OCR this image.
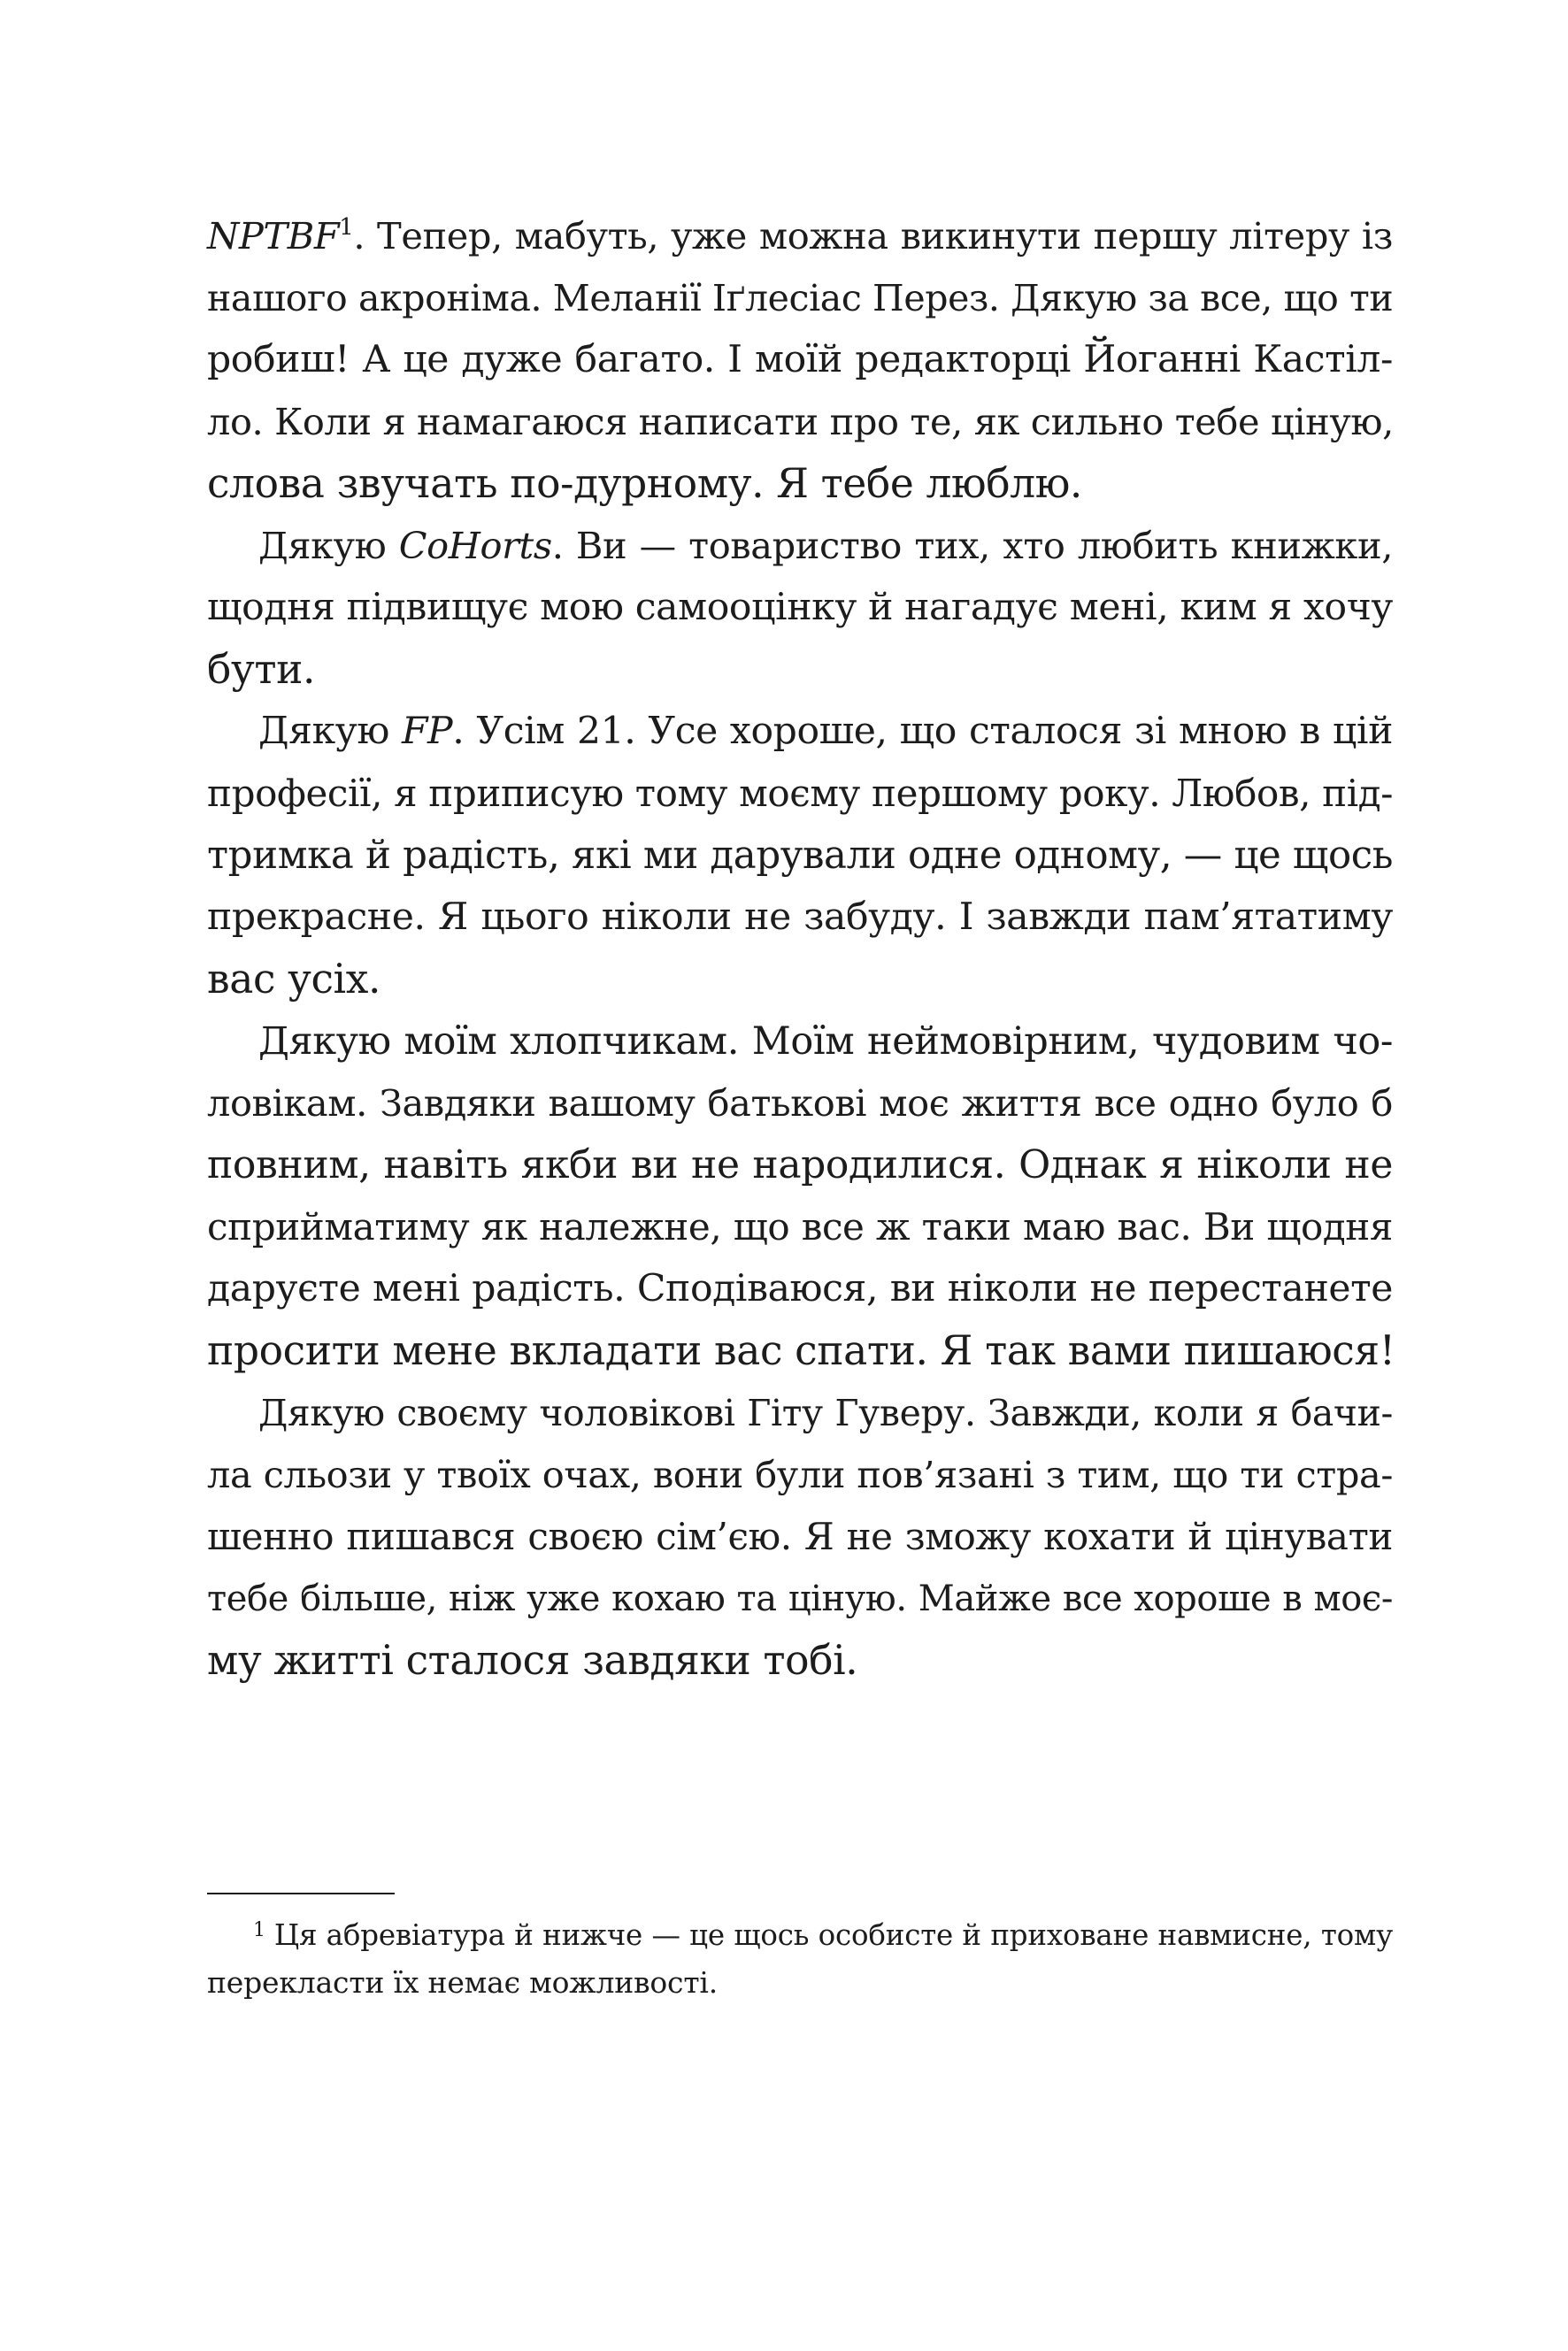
NPTBF$^1$. Тепер, мабуть, уже можна викинути першу літеру із
нашого акроніма. Меланії Іґлесіас Перез. Дякую за все, що ти
робиш! А це дуже багато. І моїй редакторці Йоганні Кастіл-
ло. Коли я намагаюся написати про те, як сильно тебе ціную,
слова звучать по-дурному. Я тебе люблю.
Дякую CoHorts. Ви — товариство тих, хто любить книжки,
щодня підвищує мою самооцінку й нагадує мені, ким я хочу
бути.
Дякую FP. Усім 21. Усе хороше, що сталося зі мною в цій
професії, я приписую тому моєму першому року. Любов, під-
тримка й радість, які ми дарували одне одному, — це щось
прекрасне. Я цього ніколи не забуду. І завжди пам’ятатиму
вас усіх.
Дякую моїм хлопчикам. Моїм неймовірним, чудовим чо-
ловікам. Завдяки вашому батькові моє життя все одно було б
повним, навіть якби ви не народилися. Однак я ніколи не
сприйматиму як належне, що все ж таки маю вас. Ви щодня
даруєте мені радість. Сподіваюся, ви ніколи не перестанете
просити мене вкладати вас спати. Я так вами пишаюся!
Дякую своєму чоловікові Гіту Гуверу. Завжди, коли я бачи-
ла сльози у твоїх очах, вони були пов’язані з тим, що ти стра-
шенно пишався своєю сім’єю. Я не зможу кохати й цінувати
тебе більше, ніж уже кохаю та ціную. Майже все хороше в моє-
му житті сталося завдяки тобі.
$^1$ Ця абревіатура й нижче — це щось особисте й приховане навмисне, тому
перекласти їх немає можливості.
